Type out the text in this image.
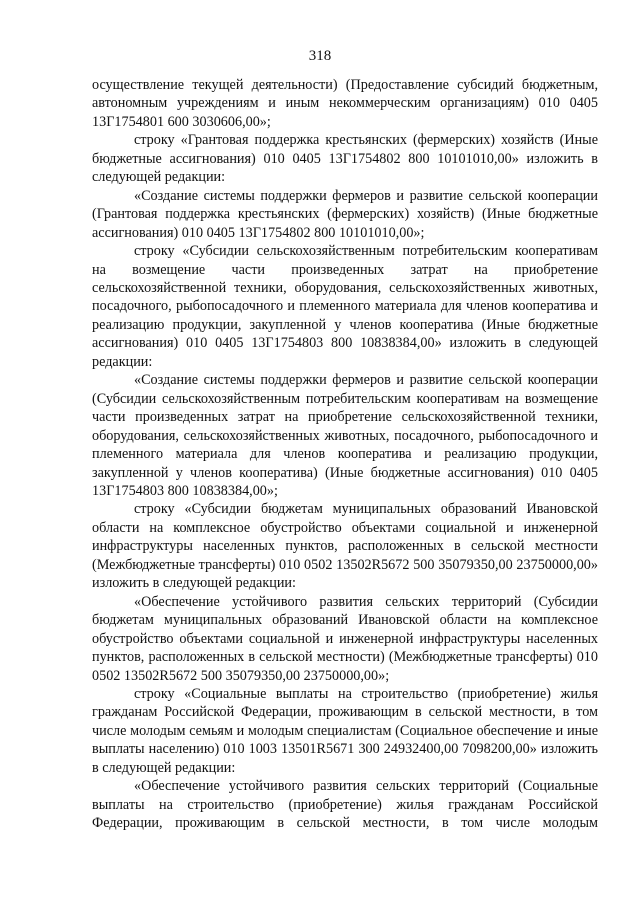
318

осуществление текущей деятельности) (Предоставление субсидий бюджетным, автономным учреждениям и иным некоммерческим организациям) 010 0405 13Г1754801 600 3030606,00»;

строку «Грантовая поддержка крестьянских (фермерских) хозяйств (Иные бюджетные ассигнования) 010 0405 13Г1754802 800 10101010,00» изложить в следующей редакции:

«Создание системы поддержки фермеров и развитие сельской кооперации (Грантовая поддержка крестьянских (фермерских) хозяйств) (Иные бюджетные ассигнования) 010 0405 13Г1754802 800 10101010,00»;

строку «Субсидии сельскохозяйственным потребительским кооперативам на возмещение части произведенных затрат на приобретение сельскохозяйственной техники, оборудования, сельскохозяйственных животных, посадочного, рыбопосадочного и племенного материала для членов кооператива и реализацию продукции, закупленной у членов кооператива (Иные бюджетные ассигнования) 010 0405 13Г1754803 800 10838384,00» изложить в следующей редакции:

«Создание системы поддержки фермеров и развитие сельской кооперации (Субсидии сельскохозяйственным потребительским кооперативам на возмещение части произведенных затрат на приобретение сельскохозяйственной техники, оборудования, сельскохозяйственных животных, посадочного, рыбопосадочного и племенного материала для членов кооператива и реализацию продукции, закупленной у членов кооператива) (Иные бюджетные ассигнования) 010 0405 13Г1754803 800 10838384,00»;

строку «Субсидии бюджетам муниципальных образований Ивановской области на комплексное обустройство объектами социальной и инженерной инфраструктуры населенных пунктов, расположенных в сельской местности (Межбюджетные трансферты) 010 0502 13502R5672 500 35079350,00 23750000,00» изложить в следующей редакции:

«Обеспечение устойчивого развития сельских территорий (Субсидии бюджетам муниципальных образований Ивановской области на комплексное обустройство объектами социальной и инженерной инфраструктуры населенных пунктов, расположенных в сельской местности) (Межбюджетные трансферты) 010 0502 13502R5672 500 35079350,00 23750000,00»;

строку «Социальные выплаты на строительство (приобретение) жилья гражданам Российской Федерации, проживающим в сельской местности, в том числе молодым семьям и молодым специалистам (Социальное обеспечение и иные выплаты населению) 010 1003 13501R5671 300 24932400,00 7098200,00» изложить в следующей редакции:

«Обеспечение устойчивого развития сельских территорий (Социальные выплаты на строительство (приобретение) жилья гражданам Российской Федерации, проживающим в сельской местности, в том числе молодым
